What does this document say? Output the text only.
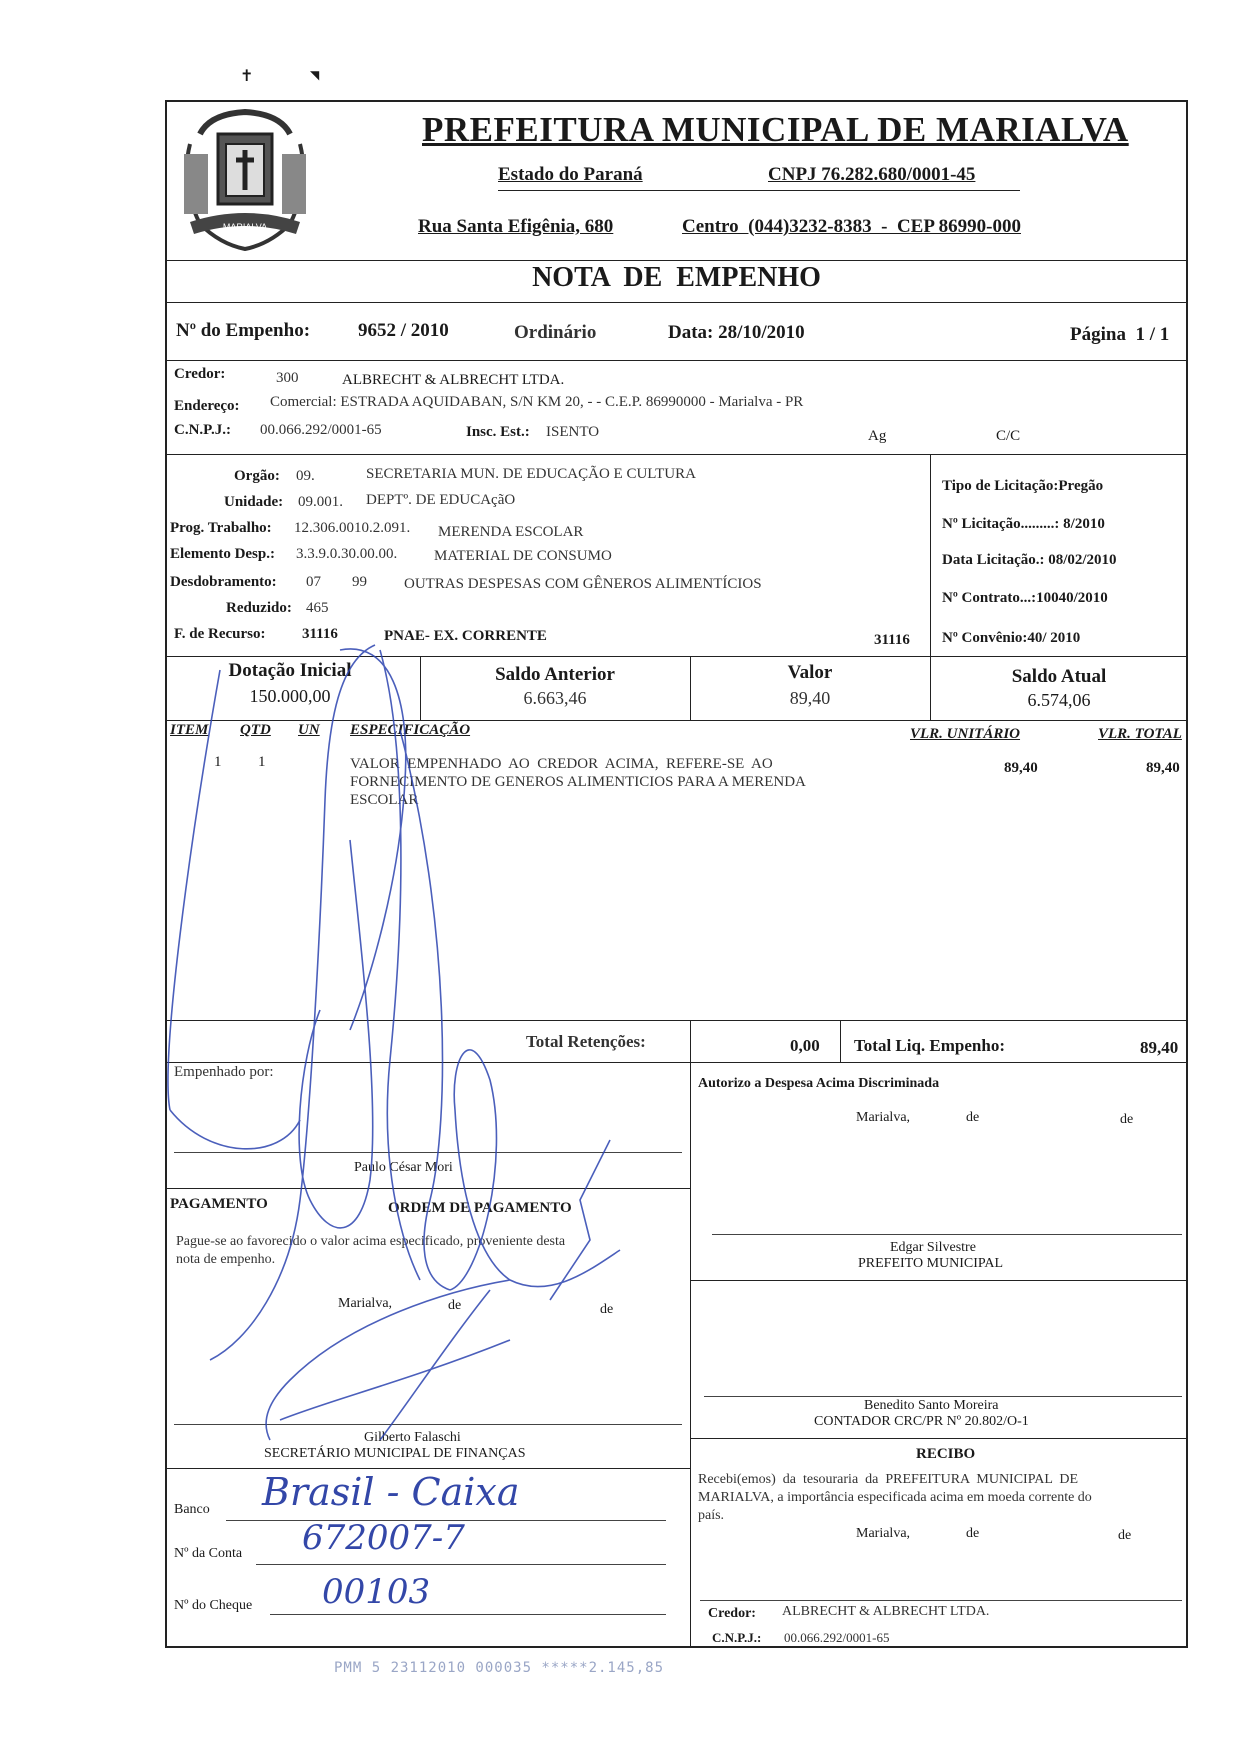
✝	◥
MARIALVA
PREFEITURA MUNICIPAL DE MARIALVA
Estado do Paraná	CNPJ 76.282.680/0001-45
Rua Santa Efigênia, 680	Centro  (044)3232-8383  -  CEP 86990-000
NOTA  DE  EMPENHO
Nº do Empenho:	9652 / 2010	Ordinário	Data: 28/10/2010	Página  1 / 1
Credor:	300	ALBRECHT & ALBRECHT LTDA.
Endereço: Comercial: ESTRADA AQUIDABAN, S/N KM 20, - - C.E.P. 86990000 - Marialva - PR
C.N.P.J.: 00.066.292/0001-65	Insc. Est.: ISENTO	Ag	C/C
Orgão: 09.	SECRETARIA MUN. DE EDUCAÇÃO E CULTURA
Unidade: 09.001. DEPTº. DE EDUCAçãO
Prog. Trabalho: 12.306.0010.2.091. MERENDA ESCOLAR
Elemento Desp.: 3.3.9.0.30.00.00. MATERIAL DE CONSUMO
Desdobramento: 07 99 OUTRAS DESPESAS COM GÊNEROS ALIMENTÍCIOS
Reduzido: 465
F. de Recurso: 31116	PNAE- EX. CORRENTE	31116
Tipo de Licitação:Pregão
Nº Licitação.........: 8/2010
Data Licitação.: 08/02/2010
Nº Contrato...:10040/2010
Nº Convênio:40/ 2010
Dotação Inicial
150.000,00
Saldo Anterior
6.663,46
Valor
89,40
Saldo Atual
6.574,06
ITEM QTD UN ESPECIFICAÇÃO	VLR. UNITÁRIO	VLR. TOTAL
1 1	VALOR  EMPENHADO  AO  CREDOR  ACIMA,  REFERE-SE  AO
FORNECIMENTO DE GENEROS ALIMENTICIOS PARA A MERENDA
ESCOLAR
89,40	89,40
Total Retenções:	0,00 Total Liq. Empenho:	89,40
Empenhado por:
Paulo César Mori
PAGAMENTO	ORDEM DE PAGAMENTO
Pague-se ao favorecido o valor acima especificado, proveniente desta
nota de empenho.
Marialva,	de	de
Gilberto Falaschi
SECRETÁRIO MUNICIPAL DE FINANÇAS
Banco Brasil - Caixa
Nº da Conta 672007-7
Nº do Cheque 00103
Autorizo a Despesa Acima Discriminada
Marialva,	de	de
Edgar Silvestre
PREFEITO MUNICIPAL
Benedito Santo Moreira
CONTADOR CRC/PR Nº 20.802/O-1
RECIBO
Recebi(emos)  da  tesouraria  da  PREFEITURA  MUNICIPAL  DE
MARIALVA, a importância especificada acima em moeda corrente do
país.
Marialva,	de	de
Credor: ALBRECHT & ALBRECHT LTDA.
C.N.P.J.: 00.066.292/0001-65
PMM 5 23112010 000035 *****2.145,85
